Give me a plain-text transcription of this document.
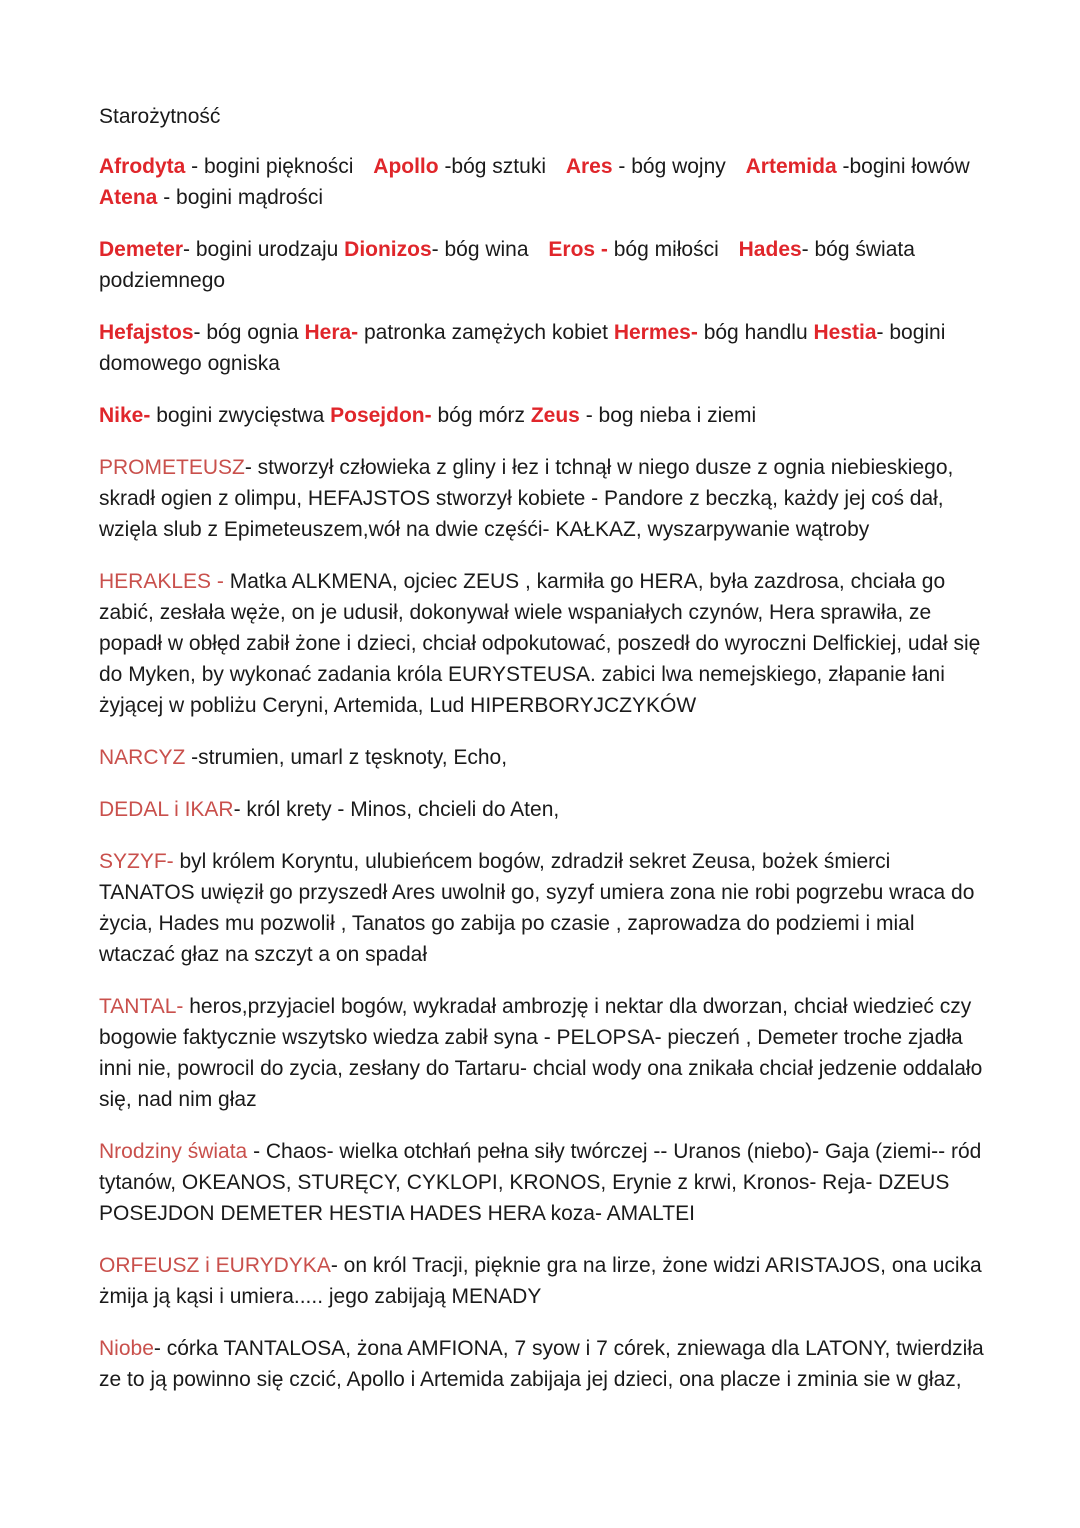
Starożytność

Afrodyta - bogini piękności Apollo -bóg sztuki Ares - bóg wojny Artemida -bogini łowów Atena - bogini mądrości

Demeter- bogini urodzaju Dionizos- bóg wina Eros - bóg miłości Hades- bóg świata podziemnego

Hefajstos- bóg ognia Hera- patronka zamężych kobiet Hermes- bóg handlu Hestia- bogini domowego ogniska

Nike- bogini zwycięstwa Posejdon- bóg mórz Zeus - bog nieba i ziemi

PROMETEUSZ- stworzył człowieka z gliny i łez i tchnął w niego dusze z ognia niebieskiego, skradł ogien z olimpu, HEFAJSTOS stworzył kobiete - Pandore z beczką, każdy jej coś dał, wzięla slub z Epimeteuszem,wół na dwie częśći- KAŁKAZ, wyszarpywanie wątroby

HERAKLES - Matka ALKMENA, ojciec ZEUS , karmiła go HERA, była zazdrosa, chciała go zabić, zesłała węże, on je udusił, dokonywał wiele wspaniałych czynów, Hera sprawiła, ze popadł w obłęd zabił żone i dzieci, chciał odpokutować, poszedł do wyroczni Delfickiej, udał się do Myken, by wykonać zadania króla EURYSTEUSA. zabici lwa nemejskiego, złapanie łani żyjącej w pobliżu Ceryni, Artemida, Lud HIPERBORYJCZYKÓW

NARCYZ -strumien, umarl z tęsknoty, Echo,

DEDAL i IKAR- król krety - Minos, chcieli do Aten,

SYZYF- byl królem Koryntu, ulubieńcem bogów, zdradził sekret Zeusa, bożek śmierci TANATOS uwięził go przyszedł Ares uwolnił go, syzyf umiera zona nie robi pogrzebu wraca do życia, Hades mu pozwolił , Tanatos go zabija po czasie , zaprowadza do podziemi i mial wtaczać głaz na szczyt a on spadał

TANTAL- heros,przyjaciel bogów, wykradał ambrozję i nektar dla dworzan, chciał wiedzieć czy bogowie faktycznie wszytsko wiedza zabił syna - PELOPSA- pieczeń , Demeter troche zjadła inni nie, powrocil do zycia, zesłany do Tartaru- chcial wody ona znikała chciał jedzenie oddalało się, nad nim głaz

Nrodziny świata - Chaos- wielka otchłań pełna siły twórczej -- Uranos (niebo)- Gaja (ziemi-- ród tytanów, OKEANOS, STURĘCY, CYKLOPI, KRONOS, Erynie z krwi, Kronos- Reja- DZEUS POSEJDON DEMETER HESTIA HADES HERA koza- AMALTEI

ORFEUSZ i EURYDYKA- on król Tracji, pięknie gra na lirze, żone widzi ARISTAJOS, ona ucika żmija ją kąsi i umiera..... jego zabijają MENADY

Niobe- córka TANTALOSA, żona AMFIONA, 7 syow i 7 córek, zniewaga dla LATONY, twierdziła ze to ją powinno się czcić, Apollo i Artemida zabijaja jej dzieci, ona placze i zminia sie w głaz,
